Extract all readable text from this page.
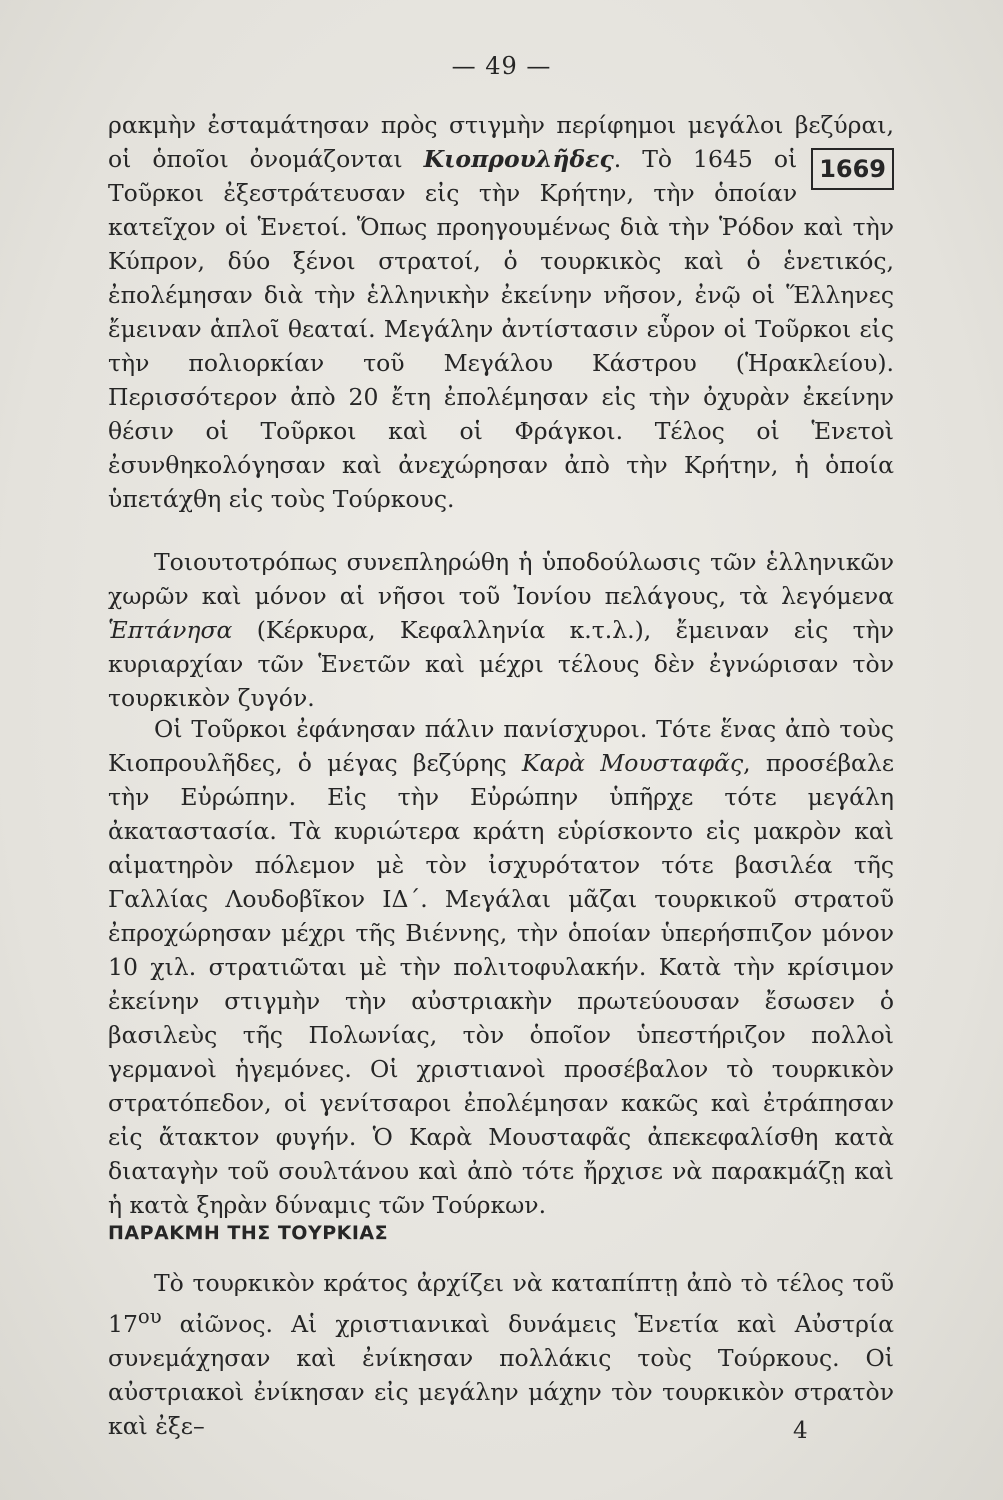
— 49 —

ρακμὴν ἐσταμάτησαν πρὸς στιγμὴν περίφημοι μεγάλοι βεζύραι, οἱ ὁποῖοι ὀνομάζονται Κιοπρουλῆδες	1669
. Τὸ 1645 οἱ Τοῦρκοι ἐξεστράτευσαν εἰς τὴν Κρήτην, τὴν ὁποίαν κατεῖχον οἱ Ἑνετοί. Ὅπως προηγουμένως διὰ τὴν Ῥόδον καὶ τὴν Κύπρον, δύο ξένοι στρατοί, ὁ τουρκικὸς καὶ ὁ ἑνετικός, ἐπολέμησαν διὰ τὴν ἑλληνικὴν ἐκείνην νῆσον, ἐνῷ οἱ Ἕλληνες ἔμειναν ἁπλοῖ θεαταί. Μεγάλην ἀντίστασιν εὗρον οἱ Τοῦρκοι εἰς τὴν πολιορκίαν τοῦ Μεγάλου Κάστρου (Ἡρακλείου). Περισσότερον ἀπὸ 20 ἔτη ἐπολέμησαν εἰς τὴν ὀχυρὰν ἐκείνην θέσιν οἱ Τοῦρκοι καὶ οἱ Φράγκοι. Τέλος οἱ Ἑνετοὶ ἐσυνθηκολόγησαν καὶ ἀνεχώρησαν ἀπὸ τὴν Κρήτην, ἡ ὁποία ὑπετάχθη εἰς τοὺς Τούρκους.

Τοιουτοτρόπως συνεπληρώθη ἡ ὑποδούλωσις τῶν ἑλληνικῶν χωρῶν καὶ μόνον αἱ νῆσοι τοῦ Ἰονίου πελάγους, τὰ λεγόμενα Ἑπτάνησα (Κέρκυρα, Κεφαλληνία κ.τ.λ.), ἔμειναν εἰς τὴν κυριαρχίαν τῶν Ἑνετῶν καὶ μέχρι τέλους δὲν ἐγνώρισαν τὸν τουρκικὸν ζυγόν.

Οἱ Τοῦρκοι ἐφάνησαν πάλιν πανίσχυροι. Τότε ἕνας ἀπὸ τοὺς Κιοπρουλῆδες, ὁ μέγας βεζύρης Καρὰ Μουσταφᾶς, προσέβαλε τὴν Εὐρώπην. Εἰς τὴν Εὐρώπην ὑπῆρχε τότε μεγάλη ἀκαταστασία. Τὰ κυριώτερα κράτη εὑρίσκοντο εἰς μακρὸν καὶ αἱματηρὸν πόλεμον μὲ τὸν ἰσχυρότατον τότε βασιλέα τῆς Γαλλίας Λουδοβῖκον ΙΔ΄. Μεγάλαι μᾶζαι τουρκικοῦ στρατοῦ ἐπροχώρησαν μέχρι τῆς Βιέννης, τὴν ὁποίαν ὑπερήσπιζον μόνον 10 χιλ. στρατιῶται μὲ τὴν πολιτοφυλακήν. Κατὰ τὴν κρίσιμον ἐκείνην στιγμὴν τὴν αὐστριακὴν πρωτεύουσαν ἔσωσεν ὁ βασιλεὺς τῆς Πολωνίας, τὸν ὁποῖον ὑπεστήριζον πολλοὶ γερμανοὶ ἡγεμόνες. Οἱ χριστιανοὶ προσέβαλον τὸ τουρκικὸν στρατόπεδον, οἱ γενίτσαροι ἐπολέμησαν κακῶς καὶ ἐτράπησαν εἰς ἄτακτον φυγήν. Ὁ Καρὰ Μουσταφᾶς ἀπεκεφαλίσθη κατὰ διαταγὴν τοῦ σουλτάνου καὶ ἀπὸ τότε ἤρχισε νὰ παρακμάζῃ καὶ ἡ κατὰ ξηρὰν δύναμις τῶν Τούρκων.

ΠΑΡΑΚΜΗ ΤΗΣ ΤΟΥΡΚΙΑΣ

Τὸ τουρκικὸν κράτος ἀρχίζει νὰ καταπίπτῃ ἀπὸ τὸ τέλος τοῦ $17^{o\upsilon}$ αἰῶνος. Αἱ χριστιανικαὶ δυνάμεις Ἑνετία καὶ Αὐστρία συνεμάχησαν καὶ ἐνίκησαν πολλάκις τοὺς Τούρκους. Οἱ αὐστριακοὶ ἐνίκησαν εἰς μεγάλην μάχην τὸν τουρκικὸν στρατὸν καὶ ἐξε–	4
